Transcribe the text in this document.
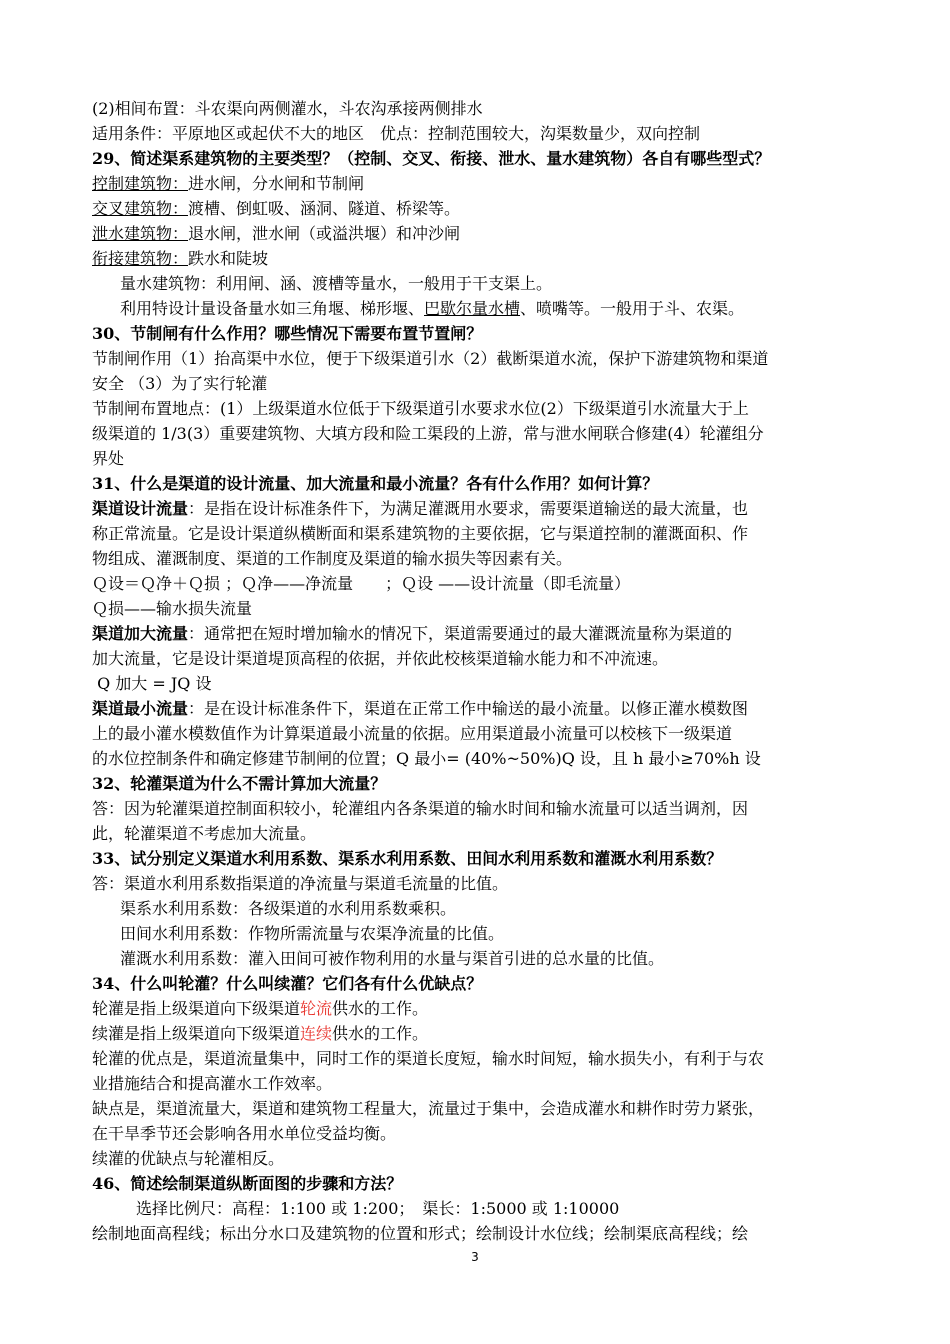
(2)相间布置：斗农渠向两侧灌水，斗农沟承接两侧排水
适用条件：平原地区或起伏不大的地区　优点：控制范围较大，沟渠数量少，双向控制
29、简述渠系建筑物的主要类型？（控制、交叉、衔接、泄水、量水建筑物）各自有哪些型式？
控制建筑物：进水闸，分水闸和节制闸
交叉建筑物：渡槽、倒虹吸、涵洞、隧道、桥梁等。
泄水建筑物：退水闸，泄水闸（或溢洪堰）和冲沙闸
衔接建筑物：跌水和陡坡
量水建筑物：利用闸、涵、渡槽等量水，一般用于干支渠上。
利用特设计量设备量水如三角堰、梯形堰、巴歇尔量水槽、喷嘴等。一般用于斗、农渠。
30、节制闸有什么作用？哪些情况下需要布置节置闸？
节制闸作用（1）抬高渠中水位，便于下级渠道引水（2）截断渠道水流，保护下游建筑物和渠道
安全 （3）为了实行轮灌
节制闸布置地点：(1）上级渠道水位低于下级渠道引水要求水位(2）下级渠道引水流量大于上
级渠道的 1/3(3）重要建筑物、大填方段和险工渠段的上游，常与泄水闸联合修建(4）轮灌组分
界处
31、什么是渠道的设计流量、加大流量和最小流量？各有什么作用？如何计算？
渠道设计流量：是指在设计标准条件下，为满足灌溉用水要求，需要渠道输送的最大流量，也
称正常流量。它是设计渠道纵横断面和渠系建筑物的主要依据，它与渠道控制的灌溉面积、作
物组成、灌溉制度、渠道的工作制度及渠道的输水损失等因素有关。
Ｑ设＝Ｑ净＋Ｑ损 ；Ｑ净——净流量　　；Ｑ设 ——设计流量（即毛流量）
Ｑ损——输水损失流量
渠道加大流量：通常把在短时增加输水的情况下，渠道需要通过的最大灌溉流量称为渠道的
加大流量，它是设计渠道堤顶高程的依据，并依此校核渠道输水能力和不冲流速。
Q 加大 = JQ 设
渠道最小流量：是在设计标准条件下，渠道在正常工作中输送的最小流量。以修正灌水模数图
上的最小灌水模数值作为计算渠道最小流量的依据。应用渠道最小流量可以校核下一级渠道
的水位控制条件和确定修建节制闸的位置；Q 最小= (40%~50%)Q 设，且 h 最小≥70%h 设
32、轮灌渠道为什么不需计算加大流量？
答：因为轮灌渠道控制面积较小，轮灌组内各条渠道的输水时间和输水流量可以适当调剂，因
此，轮灌渠道不考虑加大流量。
33、试分别定义渠道水利用系数、渠系水利用系数、田间水利用系数和灌溉水利用系数？
答：渠道水利用系数指渠道的净流量与渠道毛流量的比值。
渠系水利用系数：各级渠道的水利用系数乘积。
田间水利用系数：作物所需流量与农渠净流量的比值。
灌溉水利用系数：灌入田间可被作物利用的水量与渠首引进的总水量的比值。
34、什么叫轮灌？什么叫续灌？它们各有什么优缺点？
轮灌是指上级渠道向下级渠道轮流供水的工作。
续灌是指上级渠道向下级渠道连续供水的工作。
轮灌的优点是，渠道流量集中，同时工作的渠道长度短，输水时间短，输水损失小，有利于与农
业措施结合和提高灌水工作效率。
缺点是，渠道流量大，渠道和建筑物工程量大，流量过于集中，会造成灌水和耕作时劳力紧张，
在干旱季节还会影响各用水单位受益均衡。
续灌的优缺点与轮灌相反。
46、简述绘制渠道纵断面图的步骤和方法？
选择比例尺：高程：1:100 或 1:200；　渠长：1:5000 或 1:10000
绘制地面高程线；标出分水口及建筑物的位置和形式；绘制设计水位线；绘制渠底高程线；绘
3
